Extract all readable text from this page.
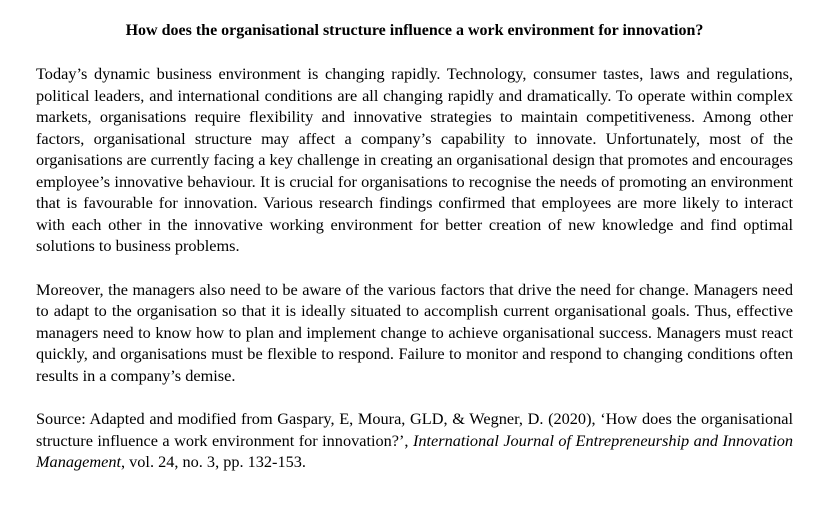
How does the organisational structure influence a work environment for innovation?

Today’s dynamic business environment is changing rapidly. Technology, consumer tastes, laws and regulations, political leaders, and international conditions are all changing rapidly and dramatically. To operate within complex markets, organisations require flexibility and innovative strategies to maintain competitiveness. Among other factors, organisational structure may affect a company’s capability to innovate. Unfortunately, most of the organisations are currently facing a key challenge in creating an organisational design that promotes and encourages employee’s innovative behaviour. It is crucial for organisations to recognise the needs of promoting an environment that is favourable for innovation. Various research findings confirmed that employees are more likely to interact with each other in the innovative working environment for better creation of new knowledge and find optimal solutions to business problems.

Moreover, the managers also need to be aware of the various factors that drive the need for change. Managers need to adapt to the organisation so that it is ideally situated to accomplish current organisational goals. Thus, effective managers need to know how to plan and implement change to achieve organisational success. Managers must react quickly, and organisations must be flexible to respond. Failure to monitor and respond to changing conditions often results in a company’s demise.

Source: Adapted and modified from Gaspary, E, Moura, GLD, & Wegner, D. (2020), ‘How does the organisational structure influence a work environment for innovation?’, International Journal of Entrepreneurship and Innovation Management, vol. 24, no. 3, pp. 132-153.
